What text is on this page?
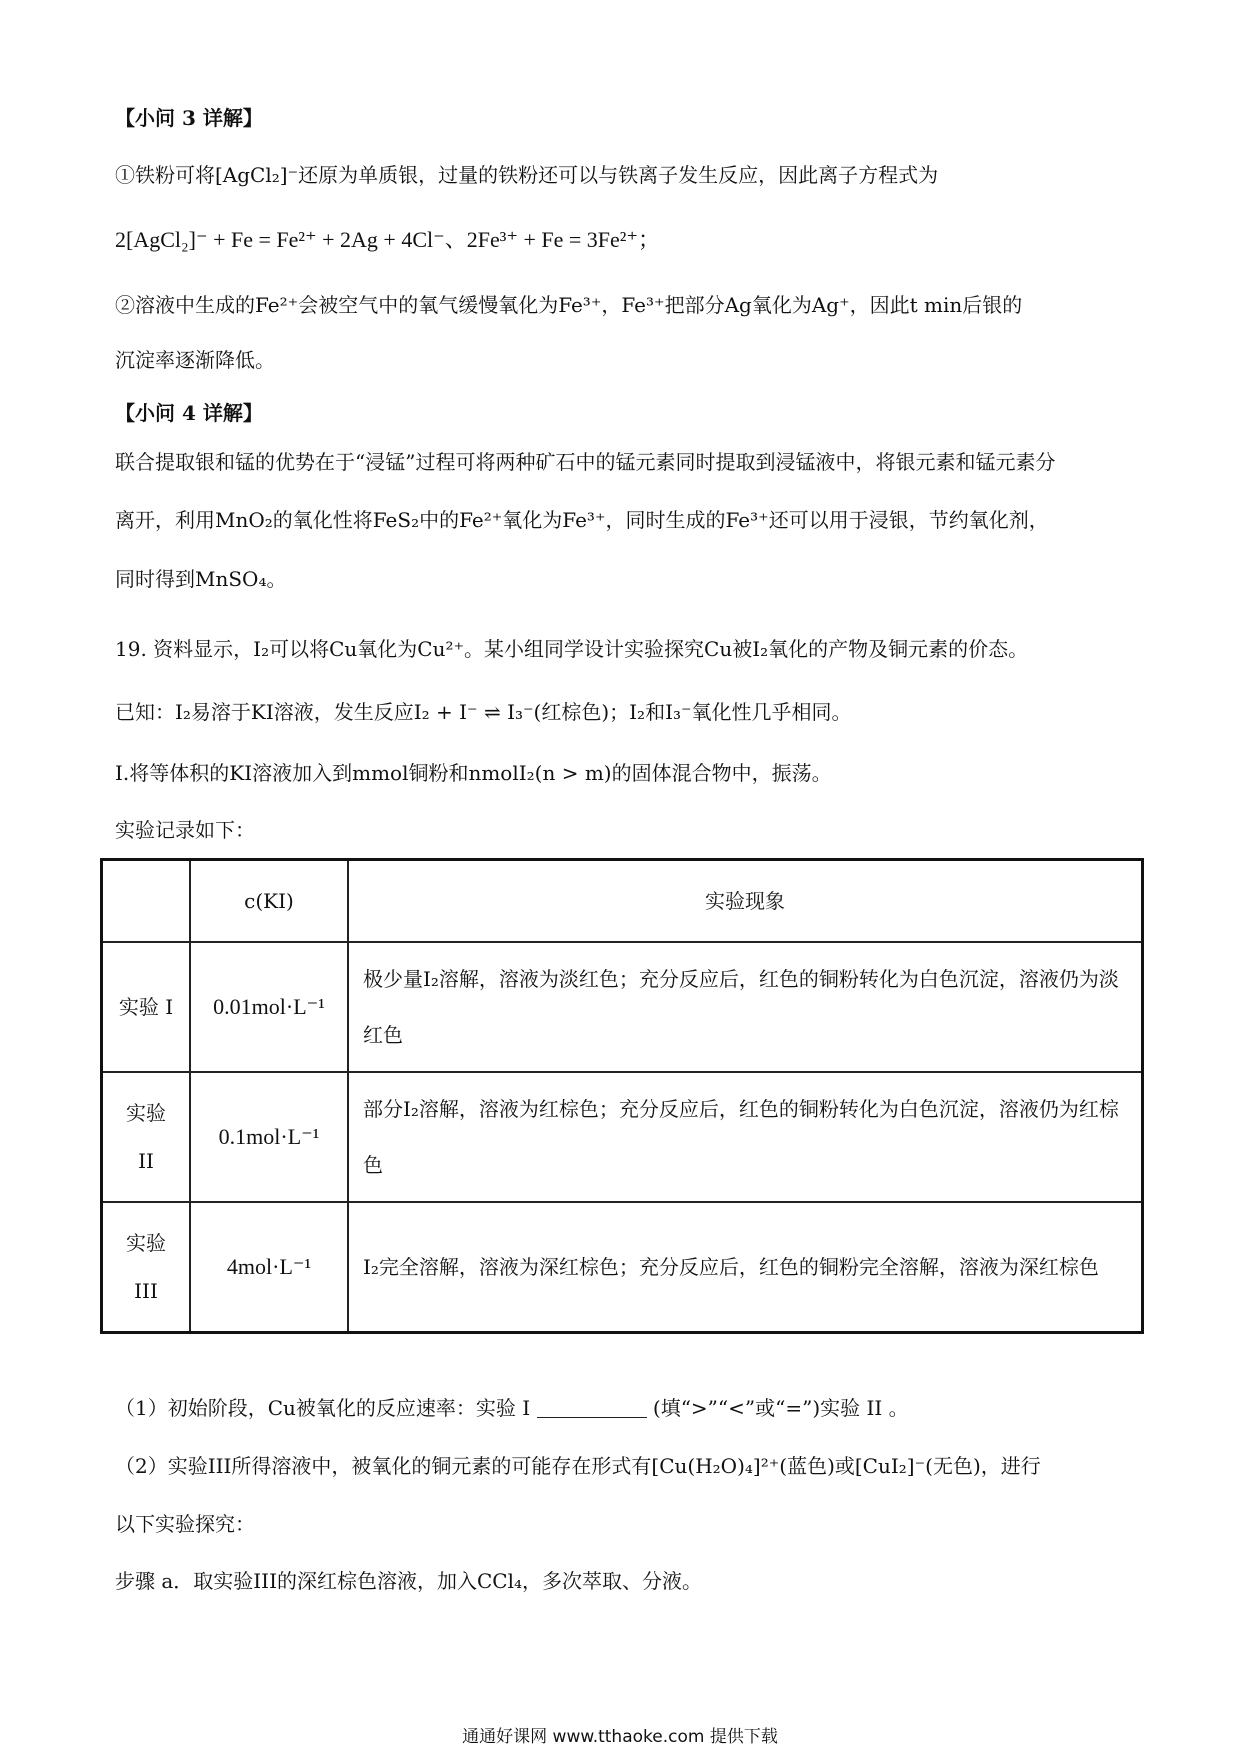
【小问 3 详解】
①铁粉可将[AgCl₂]⁻还原为单质银，过量的铁粉还可以与铁离子发生反应，因此离子方程式为
2[AgCl₂]⁻ + Fe = Fe²⁺ + 2Ag + 4Cl⁻、2Fe³⁺ + Fe = 3Fe²⁺；
②溶液中生成的Fe²⁺会被空气中的氧气缓慢氧化为Fe³⁺，Fe³⁺把部分Ag氧化为Ag⁺，因此t min后银的
沉淀率逐渐降低。
【小问 4 详解】
联合提取银和锰的优势在于“浸锰”过程可将两种矿石中的锰元素同时提取到浸锰液中，将银元素和锰元素分
离开，利用MnO₂的氧化性将FeS₂中的Fe²⁺氧化为Fe³⁺，同时生成的Fe³⁺还可以用于浸银，节约氧化剂，
同时得到MnSO₄。
19. 资料显示，I₂可以将Cu氧化为Cu²⁺。某小组同学设计实验探究Cu被I₂氧化的产物及铜元素的价态。
已知：I₂易溶于KI溶液，发生反应I₂ + I⁻ ⇌ I₃⁻(红棕色)；I₂和I₃⁻氧化性几乎相同。
I.将等体积的KI溶液加入到mmol铜粉和nmolI₂(n > m)的固体混合物中，振荡。
实验记录如下：
	c(KI)	实验现象
实验 I	0.01mol·L⁻¹	极少量I₂溶解，溶液为淡红色；充分反应后，红色的铜粉转化为白色沉淀，溶液仍为淡红色
实验 II	0.1mol·L⁻¹	部分I₂溶解，溶液为红棕色；充分反应后，红色的铜粉转化为白色沉淀，溶液仍为红棕色
实验 III	4mol·L⁻¹	I₂完全溶解，溶液为深红棕色；充分反应后，红色的铜粉完全溶解，溶液为深红棕色
（1）初始阶段，Cu被氧化的反应速率：实验 I	(填“>”“<”或“=”)实验 II 。
（2）实验III所得溶液中，被氧化的铜元素的可能存在形式有[Cu(H₂O)₄]²⁺(蓝色)或[CuI₂]⁻(无色)，进行
以下实验探究：
步骤 a．取实验III的深红棕色溶液，加入CCl₄，多次萃取、分液。
通通好课网 www.tthaoke.com 提供下载
